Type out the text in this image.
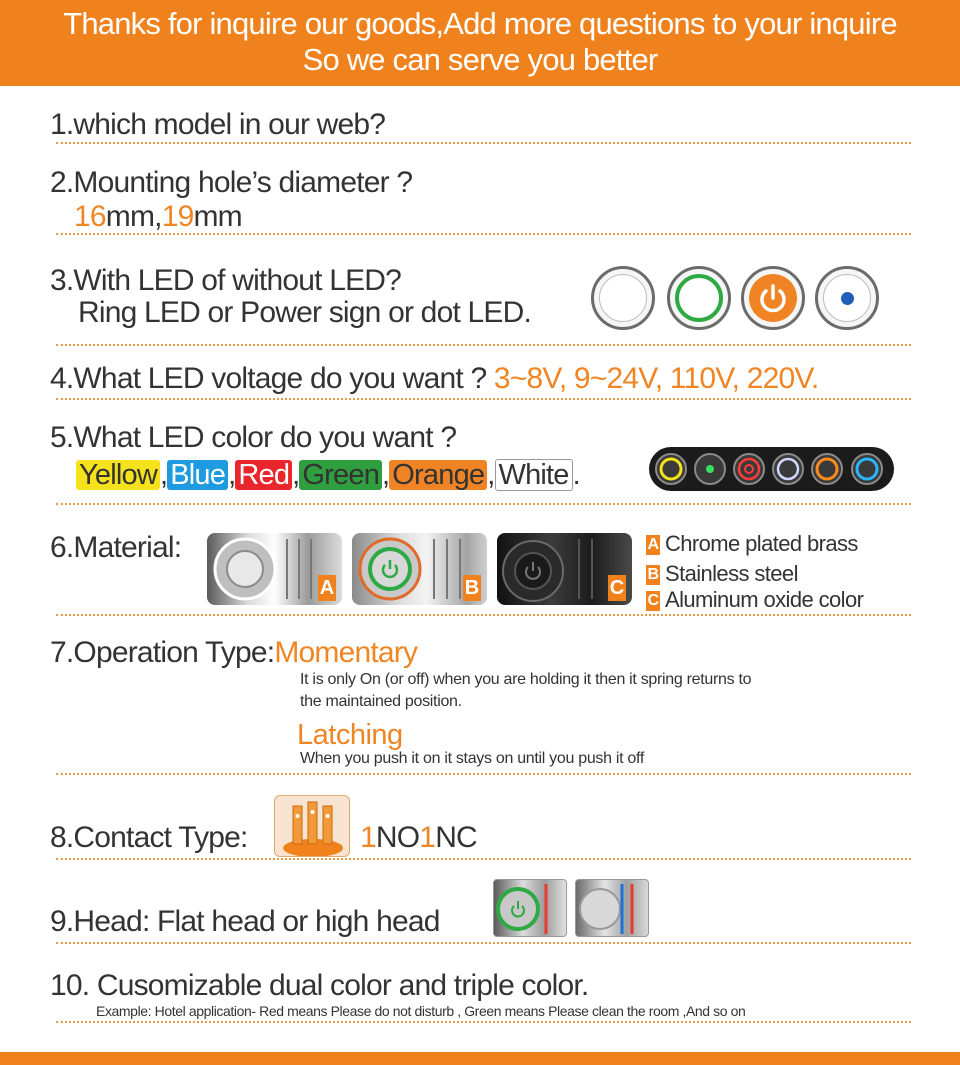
Thanks for inquire our goods,Add more questions to your inquire
So we can serve you better
1.which model in our web?
2.Mounting hole’s diameter ?
16mm,19mm
3.With LED of without LED?
Ring LED or Power sign or dot LED.
4.What LED voltage do you want ? 3~8V, 9~24V, 110V, 220V.
5.What LED color do you want ?
Yellow , Blue , Red , Green , Orange , White .
6.Material:
A	B	C
A Chrome plated brass
B Stainless steel
C Aluminum oxide color
7.Operation Type:Momentary
It is only On (or off) when you are holding it then it spring returns to
the maintained position.
Latching
When you push it on it stays on until you push it off
8.Contact Type:	1NO1NC
9.Head: Flat head or high head
10. Cusomizable dual color and triple color.
Example: Hotel application- Red means Please do not disturb , Green means Please clean the room ,And so on
